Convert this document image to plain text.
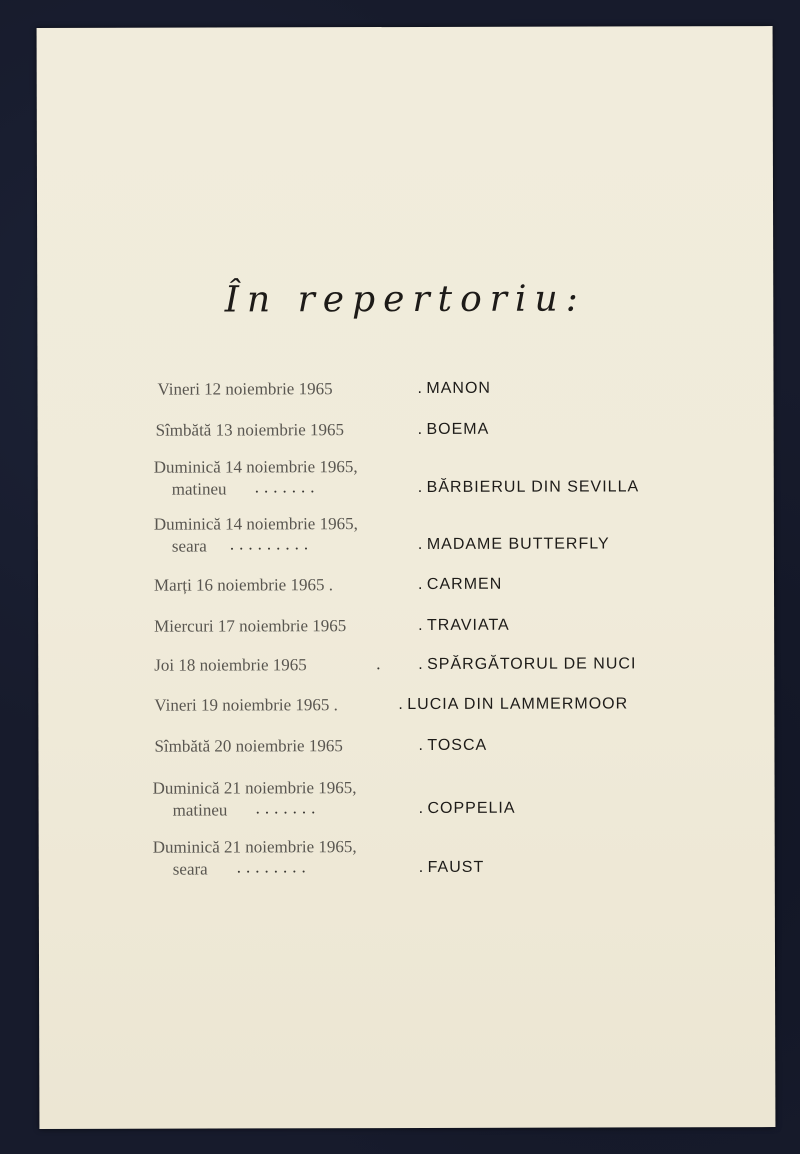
În repertoriu:
Vineri 12 noiembrie 1965	. MANON
Sîmbătă 13 noiembrie 1965	. BOEMA
Duminică 14 noiembrie 1965,
matineu .......	. BĂRBIERUL DIN SEVILLA
Duminică 14 noiembrie 1965,
seara .........	. MADAME BUTTERFLY
Marți 16 noiembrie 1965 .	. CARMEN
Miercuri 17 noiembrie 1965	. TRAVIATA
Joi 18 noiembrie 1965	.	. SPĂRGĂTORUL DE NUCI
Vineri 19 noiembrie 1965 .	. LUCIA DIN LAMMERMOOR
Sîmbătă 20 noiembrie 1965	. TOSCA
Duminică 21 noiembrie 1965,
matineu .......	. COPPELIA
Duminică 21 noiembrie 1965,
seara ........	. FAUST
